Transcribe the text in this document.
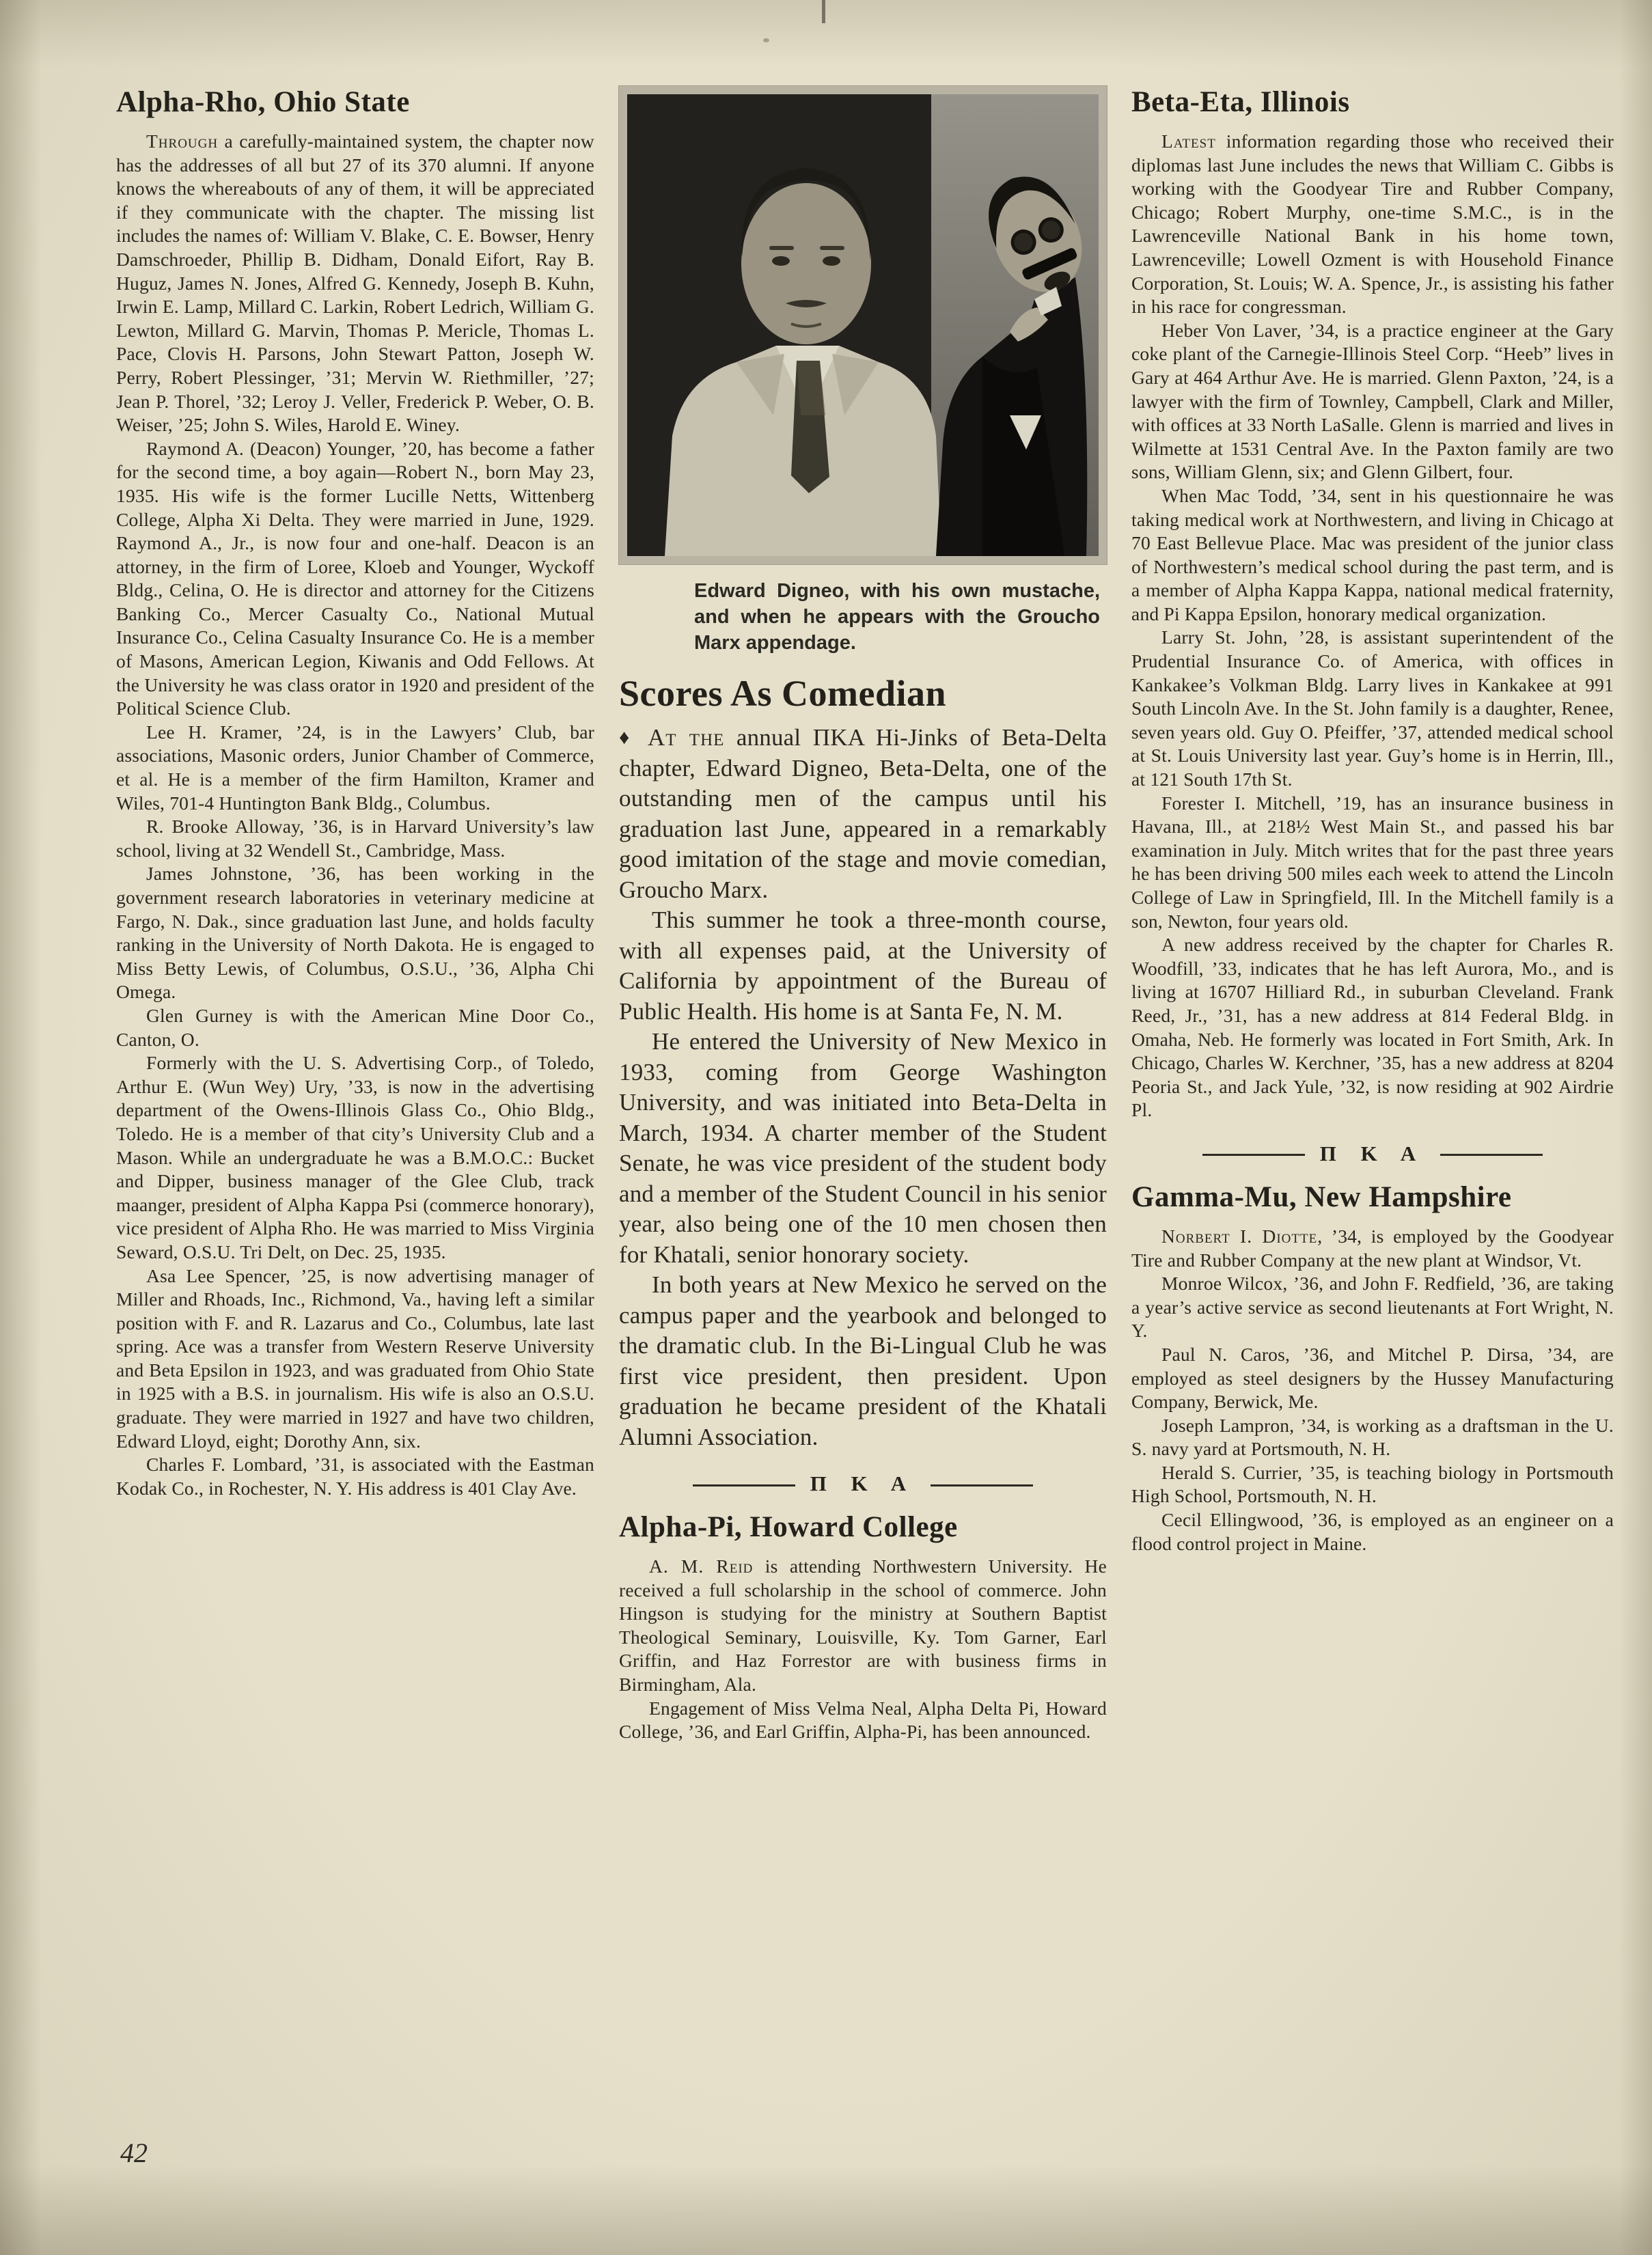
Alpha-Rho, Ohio State

Through a carefully-maintained system, the chapter now has the addresses of all but 27 of its 370 alumni. If anyone knows the whereabouts of any of them, it will be appreciated if they communicate with the chapter. The missing list includes the names of: William V. Blake, C. E. Bowser, Henry Damschroeder, Phillip B. Didham, Donald Eifort, Ray B. Huguz, James N. Jones, Alfred G. Kennedy, Joseph B. Kuhn, Irwin E. Lamp, Millard C. Larkin, Robert Ledrich, William G. Lewton, Millard G. Marvin, Thomas P. Mericle, Thomas L. Pace, Clovis H. Parsons, John Stewart Patton, Joseph W. Perry, Robert Plessinger, ’31; Mervin W. Riethmiller, ’27; Jean P. Thorel, ’32; Leroy J. Veller, Frederick P. Weber, O. B. Weiser, ’25; John S. Wiles, Harold E. Winey.

Raymond A. (Deacon) Younger, ’20, has become a father for the second time, a boy again—Robert N., born May 23, 1935. His wife is the former Lucille Netts, Wittenberg College, Alpha Xi Delta. They were married in June, 1929. Raymond A., Jr., is now four and one-half. Deacon is an attorney, in the firm of Loree, Kloeb and Younger, Wyckoff Bldg., Celina, O. He is director and attorney for the Citizens Banking Co., Mercer Casualty Co., National Mutual Insurance Co., Celina Casualty Insurance Co. He is a member of Masons, American Legion, Kiwanis and Odd Fellows. At the University he was class orator in 1920 and president of the Political Science Club.

Lee H. Kramer, ’24, is in the Lawyers’ Club, bar associations, Masonic orders, Junior Chamber of Commerce, et al. He is a member of the firm Hamilton, Kramer and Wiles, 701-4 Huntington Bank Bldg., Columbus.

R. Brooke Alloway, ’36, is in Harvard University’s law school, living at 32 Wendell St., Cambridge, Mass.

James Johnstone, ’36, has been working in the government research laboratories in veterinary medicine at Fargo, N. Dak., since graduation last June, and holds faculty ranking in the University of North Dakota. He is engaged to Miss Betty Lewis, of Columbus, O.S.U., ’36, Alpha Chi Omega.

Glen Gurney is with the American Mine Door Co., Canton, O.

Formerly with the U. S. Advertising Corp., of Toledo, Arthur E. (Wun Wey) Ury, ’33, is now in the advertising department of the Owens-Illinois Glass Co., Ohio Bldg., Toledo. He is a member of that city’s University Club and a Mason. While an undergraduate he was a B.M.O.C.: Bucket and Dipper, business manager of the Glee Club, track maanger, president of Alpha Kappa Psi (commerce honorary), vice president of Alpha Rho. He was married to Miss Virginia Seward, O.S.U. Tri Delt, on Dec. 25, 1935.

Asa Lee Spencer, ’25, is now advertising manager of Miller and Rhoads, Inc., Richmond, Va., having left a similar position with F. and R. Lazarus and Co., Columbus, late last spring. Ace was a transfer from Western Reserve University and Beta Epsilon in 1923, and was graduated from Ohio State in 1925 with a B.S. in journalism. His wife is also an O.S.U. graduate. They were married in 1927 and have two children, Edward Lloyd, eight; Dorothy Ann, six.

Charles F. Lombard, ’31, is associated with the Eastman Kodak Co., in Rochester, N. Y. His address is 401 Clay Ave.

Edward Digneo, with his own mustache, and when he appears with the Groucho Marx appendage.

Scores As Comedian

♦ At the annual ΠKA Hi-Jinks of Beta-Delta chapter, Edward Digneo, Beta-Delta, one of the outstanding men of the campus until his graduation last June, appeared in a remarkably good imitation of the stage and movie comedian, Groucho Marx.

This summer he took a three-month course, with all expenses paid, at the University of California by appointment of the Bureau of Public Health. His home is at Santa Fe, N. M.

He entered the University of New Mexico in 1933, coming from George Washington University, and was initiated into Beta-Delta in March, 1934. A charter member of the Student Senate, he was vice president of the student body and a member of the Student Council in his senior year, also being one of the 10 men chosen then for Khatali, senior honorary society.

In both years at New Mexico he served on the campus paper and the yearbook and belonged to the dramatic club. In the Bi-Lingual Club he was first vice president, then president. Upon graduation he became president of the Khatali Alumni Association.

Π K A
Alpha-Pi, Howard College

A. M. Reid is attending Northwestern University. He received a full scholarship in the school of commerce. John Hingson is studying for the ministry at Southern Baptist Theological Seminary, Louisville, Ky. Tom Garner, Earl Griffin, and Haz Forrestor are with business firms in Birmingham, Ala.

Engagement of Miss Velma Neal, Alpha Delta Pi, Howard College, ’36, and Earl Griffin, Alpha-Pi, has been announced.

Beta-Eta, Illinois

Latest information regarding those who received their diplomas last June includes the news that William C. Gibbs is working with the Goodyear Tire and Rubber Company, Chicago; Robert Murphy, one-time S.M.C., is in the Lawrenceville National Bank in his home town, Lawrenceville; Lowell Ozment is with Household Finance Corporation, St. Louis; W. A. Spence, Jr., is assisting his father in his race for congressman.

Heber Von Laver, ’34, is a practice engineer at the Gary coke plant of the Carnegie-Illinois Steel Corp. “Heeb” lives in Gary at 464 Arthur Ave. He is married. Glenn Paxton, ’24, is a lawyer with the firm of Townley, Campbell, Clark and Miller, with offices at 33 North LaSalle. Glenn is married and lives in Wilmette at 1531 Central Ave. In the Paxton family are two sons, William Glenn, six; and Glenn Gilbert, four.

When Mac Todd, ’34, sent in his questionnaire he was taking medical work at Northwestern, and living in Chicago at 70 East Bellevue Place. Mac was president of the junior class of Northwestern’s medical school during the past term, and is a member of Alpha Kappa Kappa, national medical fraternity, and Pi Kappa Epsilon, honorary medical organization.

Larry St. John, ’28, is assistant superintendent of the Prudential Insurance Co. of America, with offices in Kankakee’s Volkman Bldg. Larry lives in Kankakee at 991 South Lincoln Ave. In the St. John family is a daughter, Renee, seven years old. Guy O. Pfeiffer, ’37, attended medical school at St. Louis University last year. Guy’s home is in Herrin, Ill., at 121 South 17th St.

Forester I. Mitchell, ’19, has an insurance business in Havana, Ill., at 218½ West Main St., and passed his bar examination in July. Mitch writes that for the past three years he has been driving 500 miles each week to attend the Lincoln College of Law in Springfield, Ill. In the Mitchell family is a son, Newton, four years old.

A new address received by the chapter for Charles R. Woodfill, ’33, indicates that he has left Aurora, Mo., and is living at 16707 Hilliard Rd., in suburban Cleveland. Frank Reed, Jr., ’31, has a new address at 814 Federal Bldg. in Omaha, Neb. He formerly was located in Fort Smith, Ark. In Chicago, Charles W. Kerchner, ’35, has a new address at 8204 Peoria St., and Jack Yule, ’32, is now residing at 902 Airdrie Pl.

Π K A
Gamma-Mu, New Hampshire

Norbert I. Diotte, ’34, is employed by the Goodyear Tire and Rubber Company at the new plant at Windsor, Vt.

Monroe Wilcox, ’36, and John F. Redfield, ’36, are taking a year’s active service as second lieutenants at Fort Wright, N. Y.

Paul N. Caros, ’36, and Mitchel P. Dirsa, ’34, are employed as steel designers by the Hussey Manufacturing Company, Berwick, Me.

Joseph Lampron, ’34, is working as a draftsman in the U. S. navy yard at Portsmouth, N. H.

Herald S. Currier, ’35, is teaching biology in Portsmouth High School, Portsmouth, N. H.

Cecil Ellingwood, ’36, is employed as an engineer on a flood control project in Maine.

42
